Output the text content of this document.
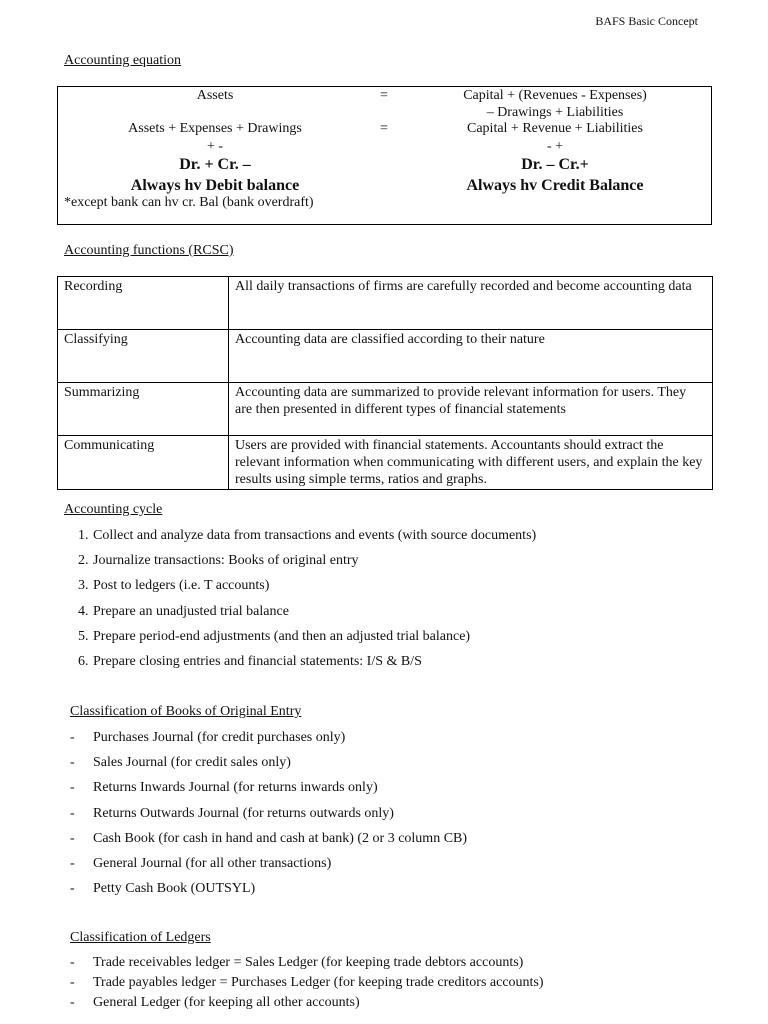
BAFS Basic Concept
Accounting equation
Assets	=	Capital + (Revenues - Expenses)
– Drawings + Liabilities
Assets + Expenses + Drawings	=	Capital + Revenue + Liabilities
+ -	- +
Dr. + Cr. –	Dr. – Cr.+
Always hv Debit balance	Always hv Credit Balance
*except bank can hv cr. Bal (bank overdraft)
Accounting functions (RCSC)
Recording	All daily transactions of firms are carefully recorded and become accounting data
Classifying	Accounting data are classified according to their nature
Summarizing	Accounting data are summarized to provide relevant information for users. They are then presented in different types of financial statements
Communicating	Users are provided with financial statements. Accountants should extract the relevant information when communicating with different users, and explain the key results using simple terms, ratios and graphs.
Accounting cycle
1. Collect and analyze data from transactions and events (with source documents)
2. Journalize transactions: Books of original entry
3. Post to ledgers (i.e. T accounts)
4. Prepare an unadjusted trial balance
5. Prepare period-end adjustments (and then an adjusted trial balance)
6. Prepare closing entries and financial statements: I/S & B/S
Classification of Books of Original Entry
- Purchases Journal (for credit purchases only)
- Sales Journal (for credit sales only)
- Returns Inwards Journal (for returns inwards only)
- Returns Outwards Journal (for returns outwards only)
- Cash Book (for cash in hand and cash at bank) (2 or 3 column CB)
- General Journal (for all other transactions)
- Petty Cash Book (OUTSYL)
Classification of Ledgers
- Trade receivables ledger = Sales Ledger (for keeping trade debtors accounts)
- Trade payables ledger = Purchases Ledger (for keeping trade creditors accounts)
- General Ledger (for keeping all other accounts)
